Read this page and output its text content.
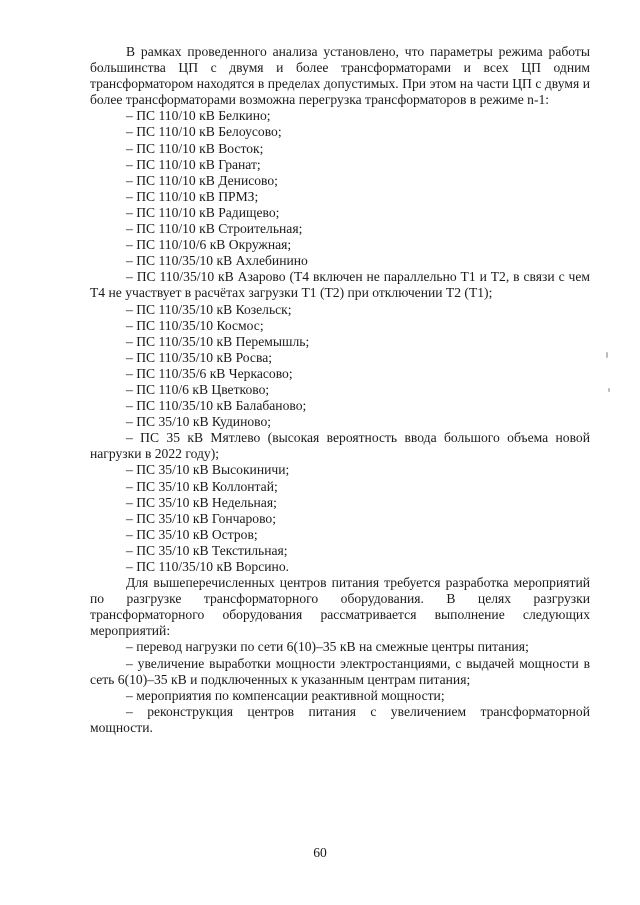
В рамках проведенного анализа установлено, что параметры режима работы большинства ЦП с двумя и более трансформаторами и всех ЦП одним трансформатором находятся в пределах допустимых. При этом на части ЦП с двумя и более трансформаторами возможна перегрузка трансформаторов в режиме n-1:

– ПС 110/10 кВ Белкино;
– ПС 110/10 кВ Белоусово;
– ПС 110/10 кВ Восток;
– ПС 110/10 кВ Гранат;
– ПС 110/10 кВ Денисово;
– ПС 110/10 кВ ПРМЗ;
– ПС 110/10 кВ Радищево;
– ПС 110/10 кВ Строительная;
– ПС 110/10/6 кВ Окружная;
– ПС 110/35/10 кВ Ахлебинино
– ПС 110/35/10 кВ Азарово (Т4 включен не параллельно Т1 и Т2, в связи с чем Т4 не участвует в расчётах загрузки Т1 (Т2) при отключении Т2 (Т1);
– ПС 110/35/10 кВ Козельск;
– ПС 110/35/10 Космос;
– ПС 110/35/10 кВ Перемышль;
– ПС 110/35/10 кВ Росва;
– ПС 110/35/6 кВ Черкасово;
– ПС 110/6 кВ Цветково;
– ПС 110/35/10 кВ Балабаново;
– ПС 35/10 кВ Кудиново;
– ПС 35 кВ Мятлево (высокая вероятность ввода большого объема новой нагрузки в 2022 году);
– ПС 35/10 кВ Высокиничи;
– ПС 35/10 кВ Коллонтай;
– ПС 35/10 кВ Недельная;
– ПС 35/10 кВ Гончарово;
– ПС 35/10 кВ Остров;
– ПС 35/10 кВ Текстильная;
– ПС 110/35/10 кВ Ворсино.

Для вышеперечисленных центров питания требуется разработка мероприятий по разгрузке трансформаторного оборудования. В целях разгрузки трансформаторного оборудования рассматривается выполнение следующих мероприятий:

– перевод нагрузки по сети 6(10)–35 кВ на смежные центры питания;
– увеличение выработки мощности электростанциями, с выдачей мощности в сеть 6(10)–35 кВ и подключенных к указанным центрам питания;
– мероприятия по компенсации реактивной мощности;
– реконструкция центров питания с увеличением трансформаторной мощности.
60
